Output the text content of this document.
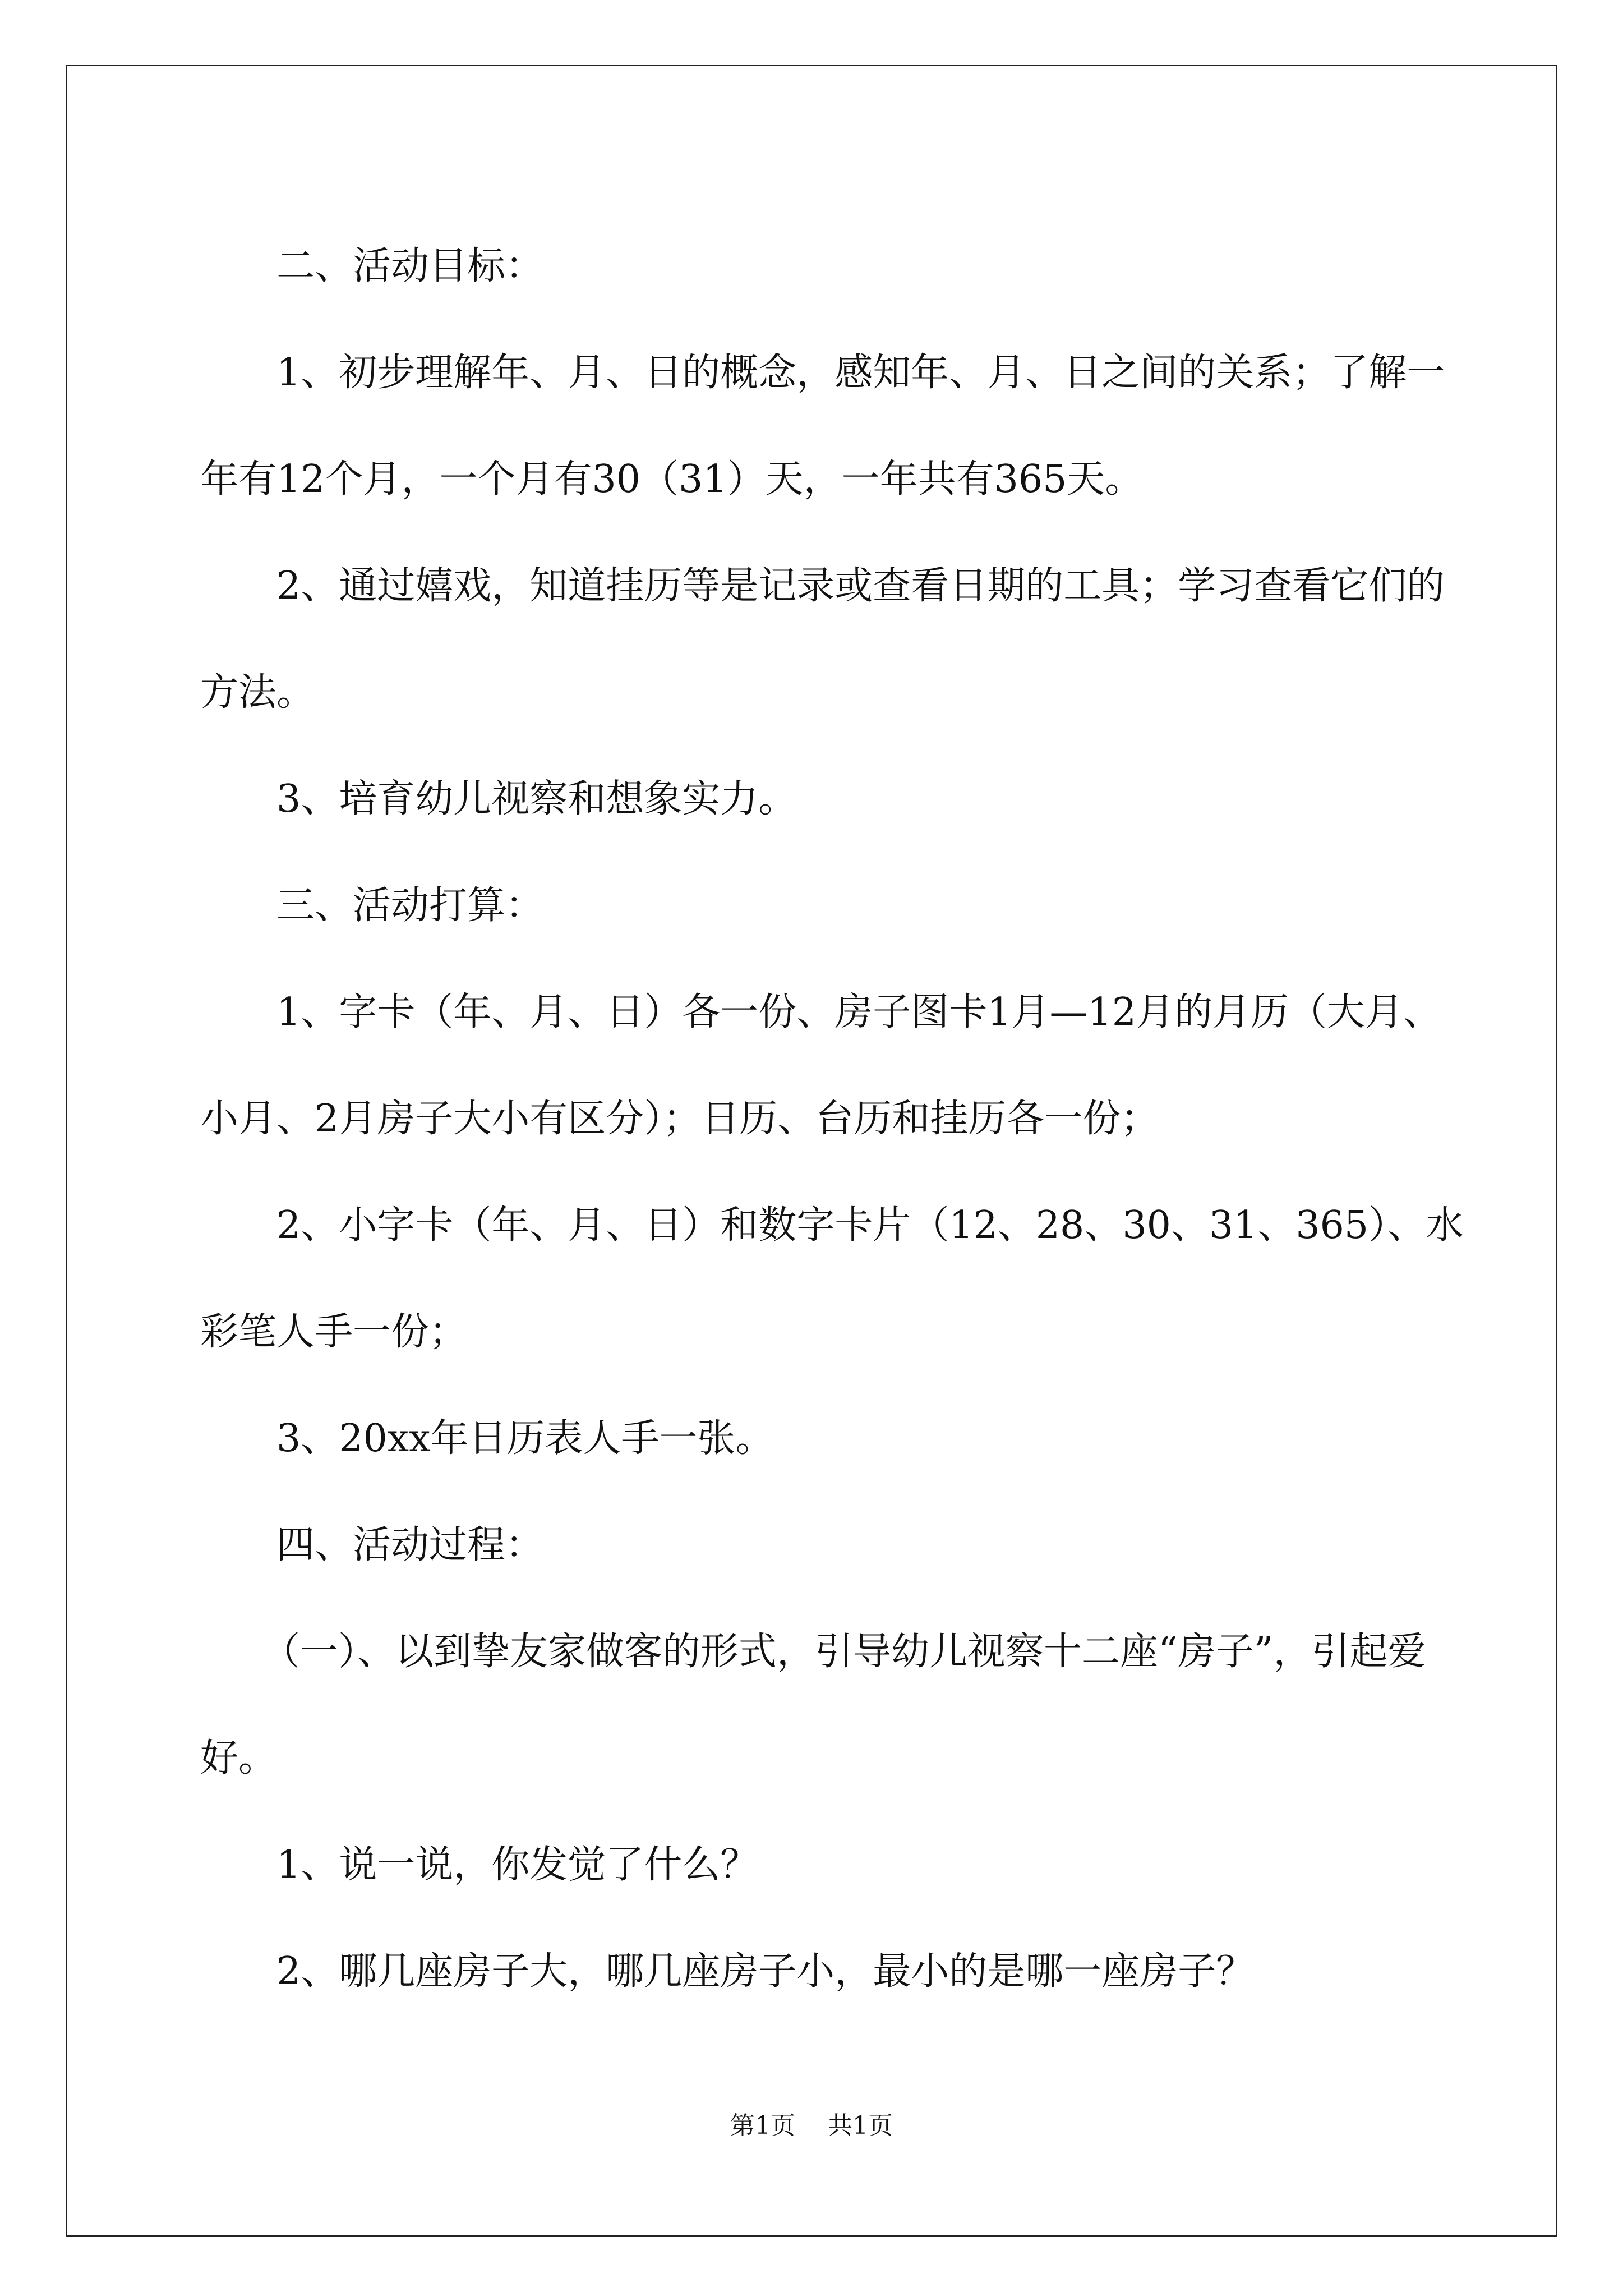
二、活动目标：

1、初步理解年、月、日的概念，感知年、月、日之间的关系；了解一年有12个月，一个月有30（31）天，一年共有365天。

2、通过嬉戏，知道挂历等是记录或查看日期的工具；学习查看它们的方法。

3、培育幼儿视察和想象实力。

三、活动打算：

1、字卡（年、月、日）各一份、房子图卡1月—12月的月历（大月、小月、2月房子大小有区分）；日历、台历和挂历各一份；

2、小字卡（年、月、日）和数字卡片（12、28、30、31、365）、水彩笔人手一份；

3、20xx年日历表人手一张。

四、活动过程：

（一）、以到挚友家做客的形式，引导幼儿视察十二座“房子”，引起爱好。

1、说一说，你发觉了什么？

2、哪几座房子大，哪几座房子小，最小的是哪一座房子？

第1页 共1页
